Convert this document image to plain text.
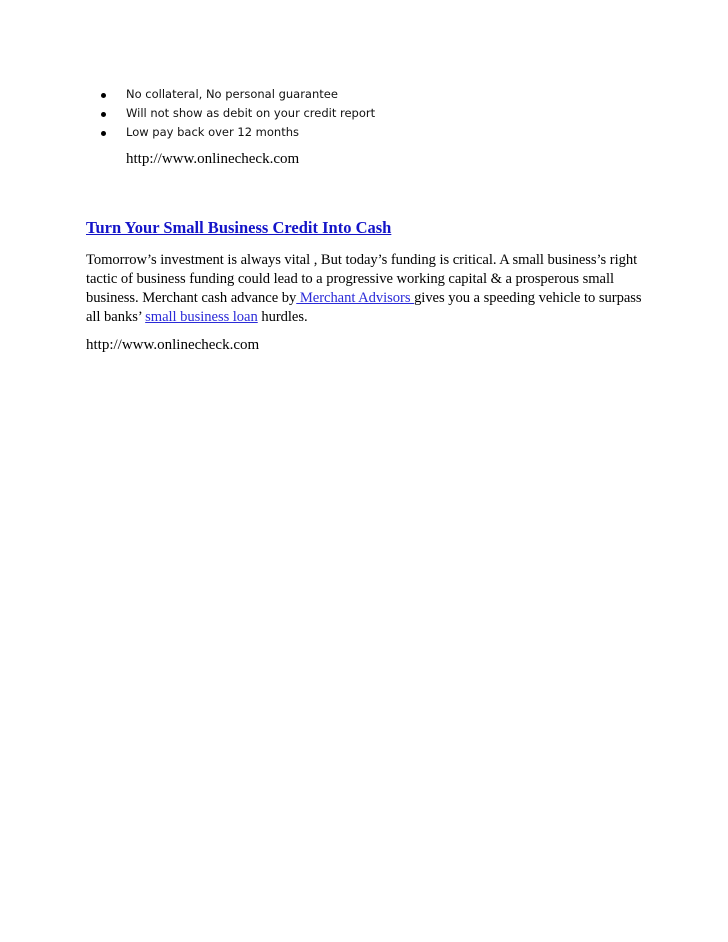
No collateral, No personal guarantee
Will not show as debit on your credit report
Low pay back over 12 months
http://www.onlinecheck.com
Turn Your Small Business Credit Into Cash

Tomorrow’s investment is always vital , But today’s funding is critical. A small business’s right tactic of business funding could lead to a progressive working capital & a prosperous small business. Merchant cash advance by Merchant Advisors gives you a speeding vehicle to surpass all banks’ small business loan hurdles.

http://www.onlinecheck.com
